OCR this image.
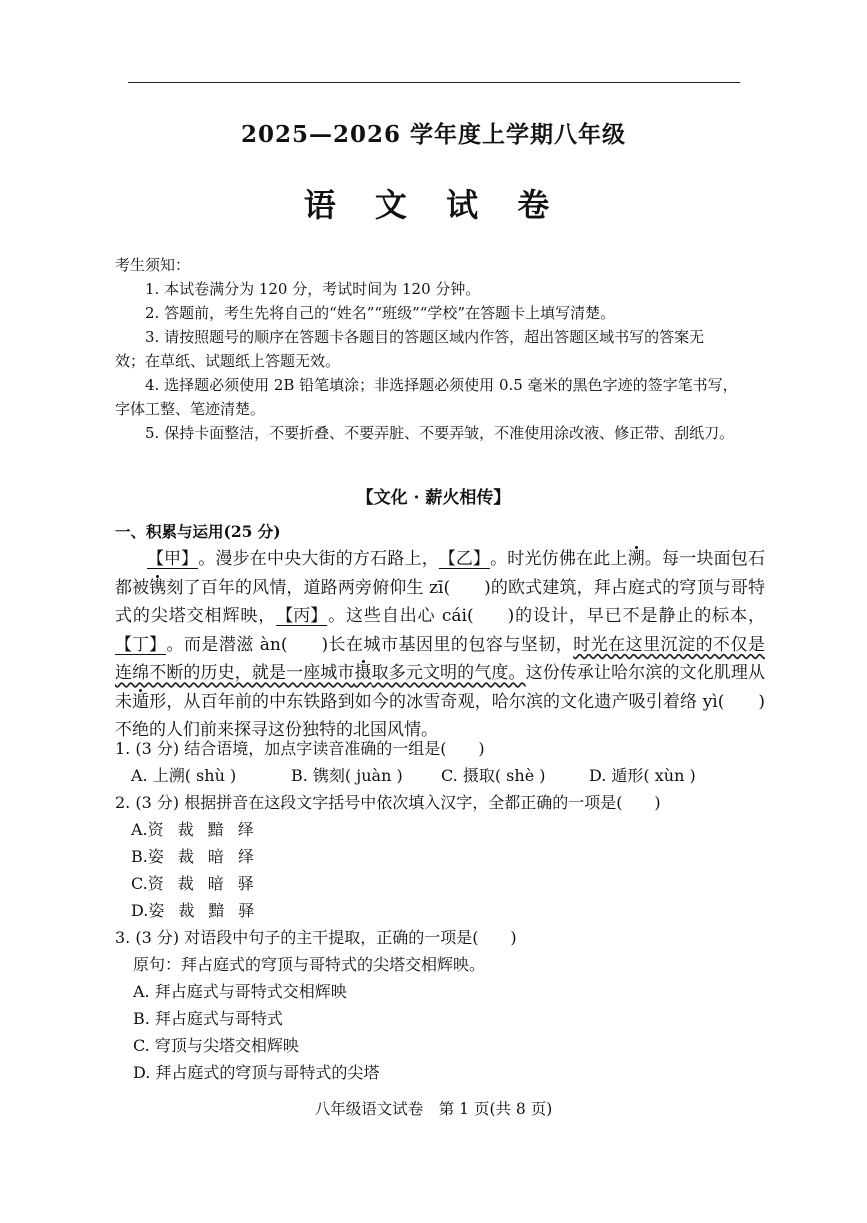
2025—2026 学年度上学期八年级
语 文 试 卷
考生须知：
1. 本试卷满分为 120 分，考试时间为 120 分钟。
2. 答题前，考生先将自己的“姓名”“班级”“学校”在答题卡上填写清楚。
3. 请按照题号的顺序在答题卡各题目的答题区域内作答，超出答题区域书写的答案无
效；在草纸、试题纸上答题无效。
4. 选择题必须使用 2B 铅笔填涂；非选择题必须使用 0.5 毫米的黑色字迹的签字笔书写，
字体工整、笔迹清楚。
5. 保持卡面整洁，不要折叠、不要弄脏、不要弄皱，不准使用涂改液、修正带、刮纸刀。
【文化 · 薪火相传】
一、积累与运用(25 分)
【甲】。漫步在中央大街的方石路上，【乙】。时光仿佛在此上溯。每一块面包石都被镌刻了百年的风情，道路两旁俯仰生 zī( )的欧式建筑，拜占庭式的穹顶与哥特式的尖塔交相辉映，【丙】。这些自出心 cái( )的设计，早已不是静止的标本，【丁】。而是潜滋 àn( )长在城市基因里的包容与坚韧，时光在这里沉淀的不仅是连绵不断的历史，就是一座城市摄取多元文明的气度。这份传承让哈尔滨的文化肌理从未遁形，从百年前的中东铁路到如今的冰雪奇观，哈尔滨的文化遗产吸引着络 yì( )不绝的人们前来探寻这份独特的北国风情。
1. (3 分) 结合语境，加点字读音准确的一组是(　　)
A. 上溯( shù )	B. 镌刻( juàn )	C. 摄取( shè )	D. 遁形( xùn )
2. (3 分) 根据拼音在这段文字括号中依次填入汉字，全都正确的一项是(　　)
A.资 裁 黯 绎
B.姿 裁 暗 绎
C.资 裁 暗 驿
D.姿 裁 黯 驿
3. (3 分) 对语段中句子的主干提取，正确的一项是(　　)
原句：拜占庭式的穹顶与哥特式的尖塔交相辉映。
A. 拜占庭式与哥特式交相辉映
B. 拜占庭式与哥特式
C. 穹顶与尖塔交相辉映
D. 拜占庭式的穹顶与哥特式的尖塔
八年级语文试卷　第 1 页(共 8 页)
